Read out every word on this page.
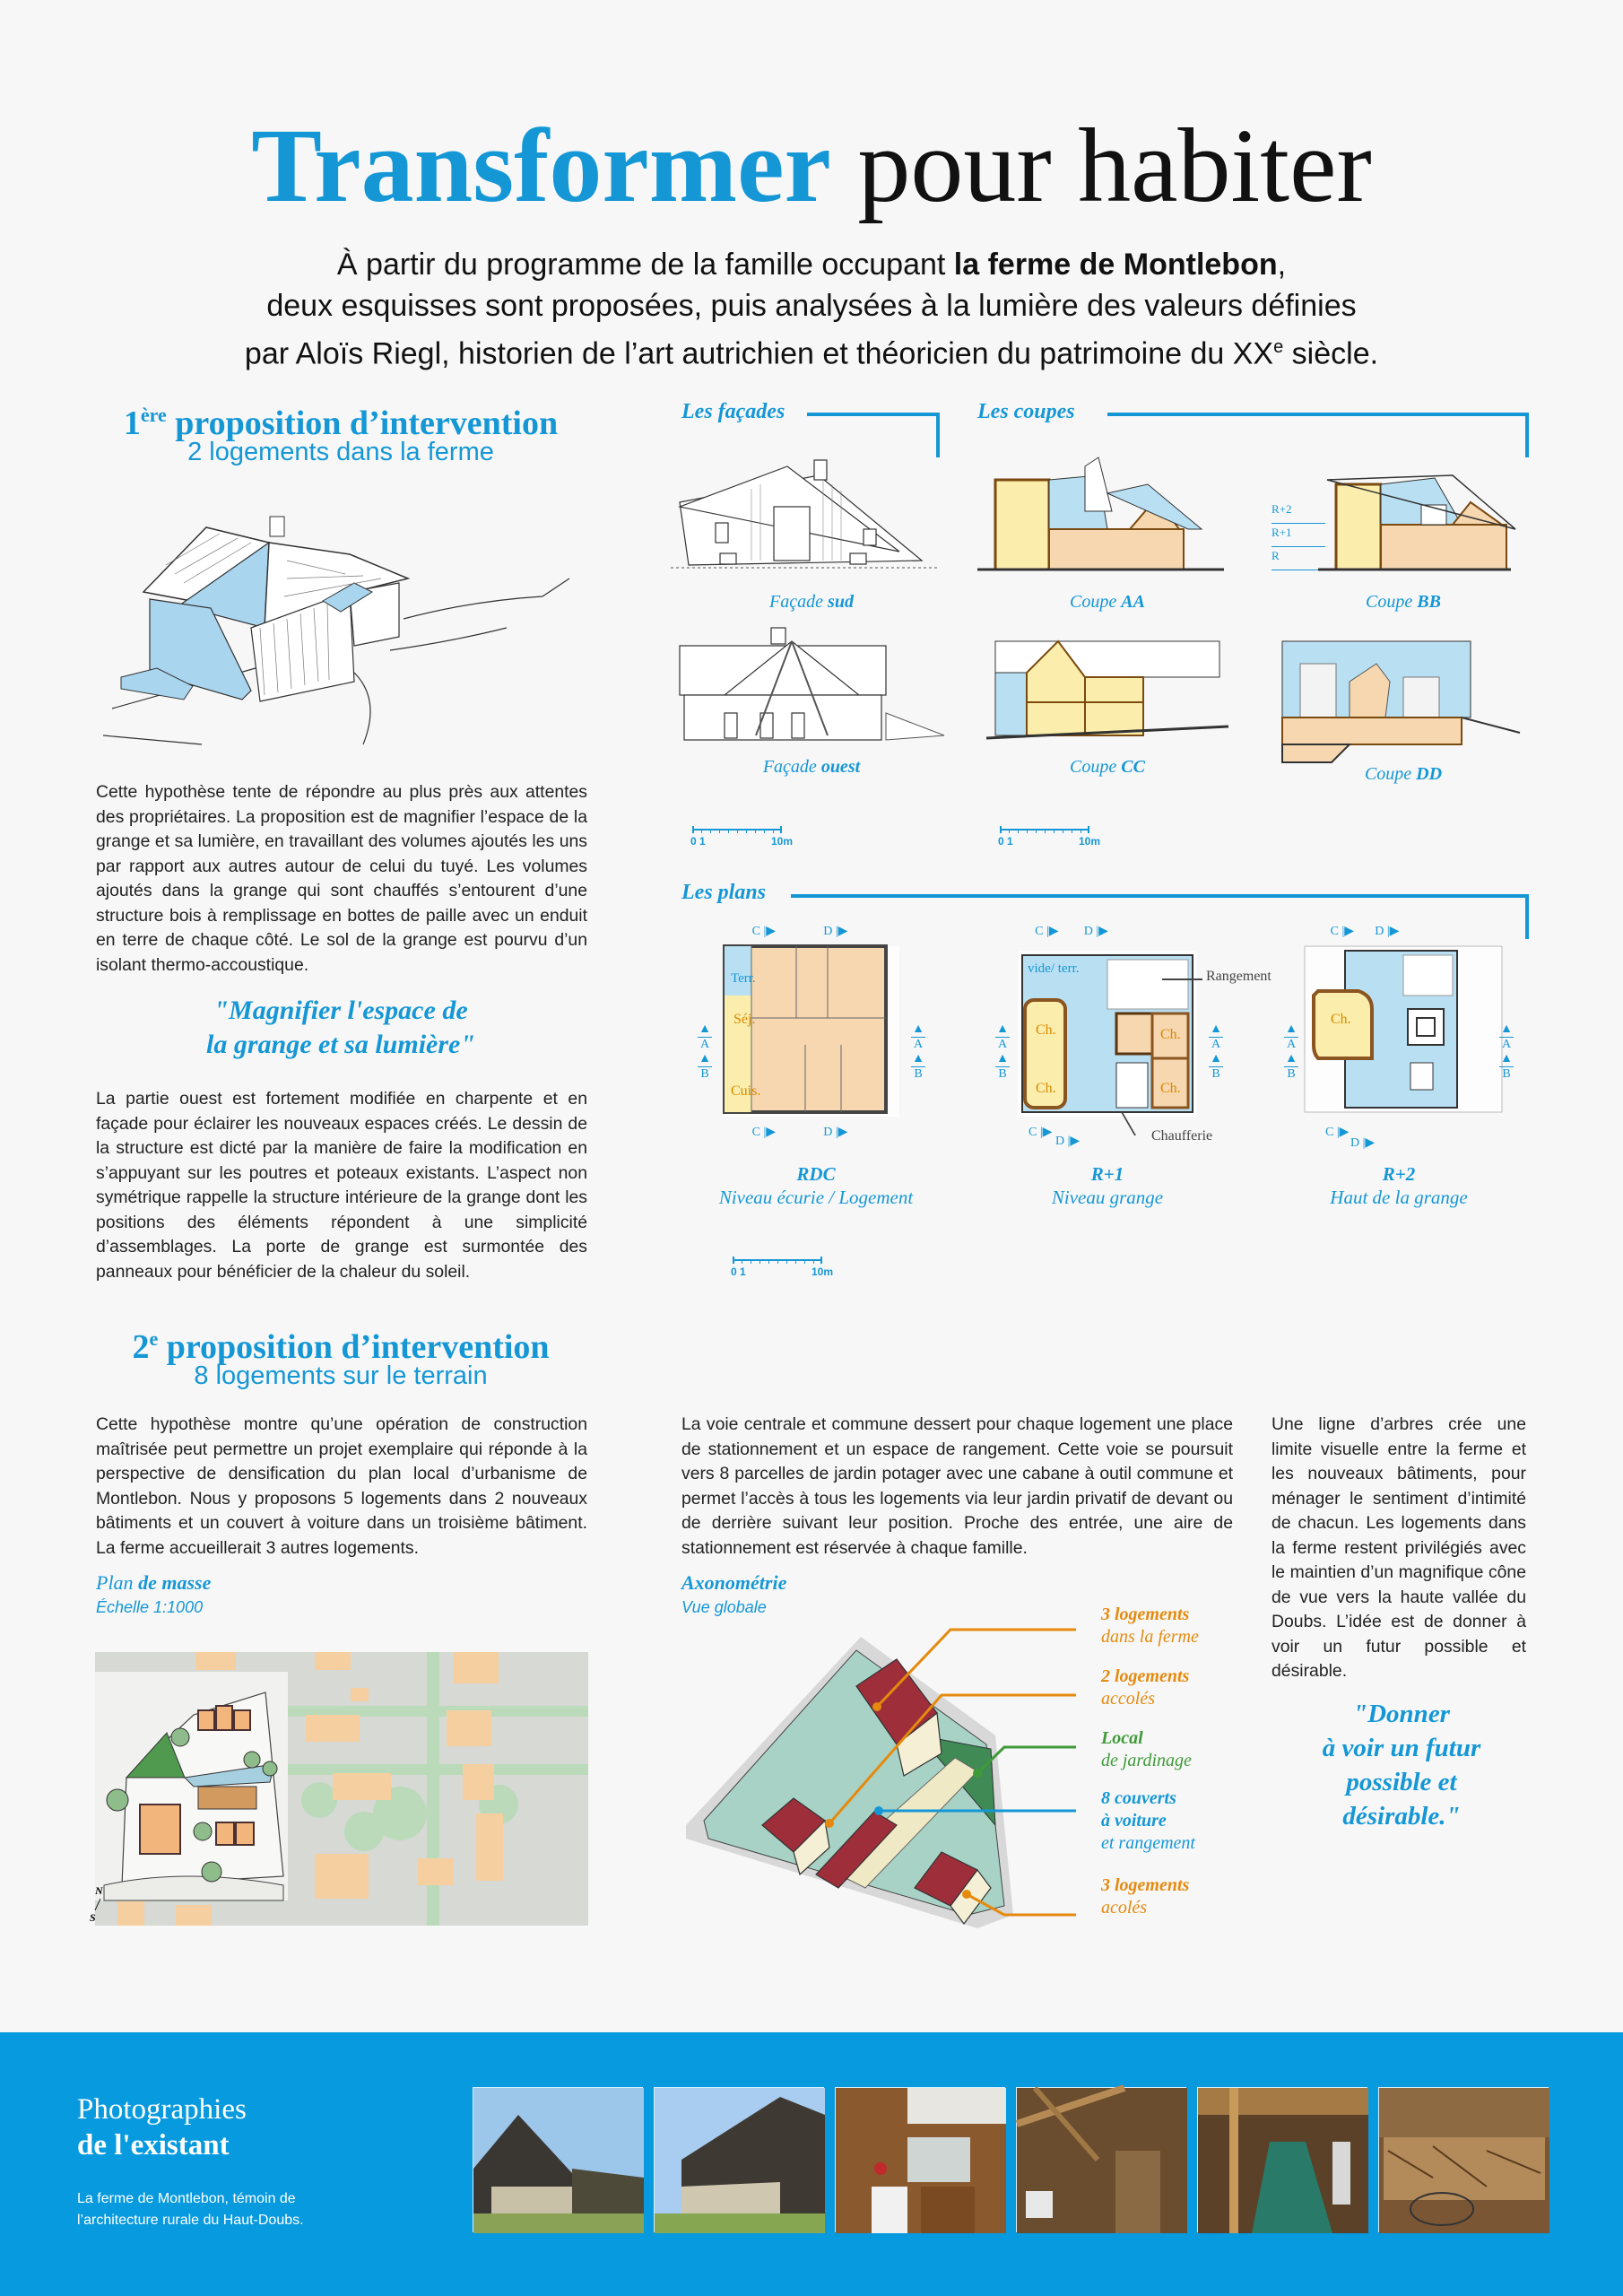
Transformer pour habiter
À partir du programme de la famille occupant la ferme de Montlebon,
deux esquisses sont proposées, puis analysées à la lumière des valeurs définies
par Aloïs Riegl, historien de l’art autrichien et théoricien du patrimoine du XXe siècle.
1ère proposition d’intervention
2 logements dans la ferme
Cette hypothèse tente de répondre au plus près aux attentes des propriétaires. La proposition est de magnifier l’espace de la grange et sa lumière, en travaillant des volumes ajoutés les uns par rapport aux autres autour de celui du tuyé. Les volumes ajoutés dans la grange qui sont chauffés s’entourent d’une structure bois à remplissage en bottes de paille avec un enduit en terre de chaque côté. Le sol de la grange est pourvu d’un isolant thermo-accoustique.
"Magnifier l'espace de
la grange et sa lumière"
La partie ouest est fortement modifiée en charpente et en façade pour éclairer les nouveaux espaces créés. Le dessin de la structure est dicté par la manière de faire la modification en s’appuyant sur les poutres et poteaux existants. L’aspect non symétrique rappelle la structure intérieure de la grange dont les positions des éléments répondent à une simplicité d’assemblages. La porte de grange est surmontée des panneaux pour bénéficier de la chaleur du soleil.
Les façades	Les coupes
Façade sud	Coupe AA
R+2
R+1
R
Coupe BB
Façade ouest	Coupe CC	Coupe DD
0 1	10m	0 1	10m
Les plans
C |▶	D |▶
Terr.
Séj.
Cuis.
▲
A
▲
B
▲
A
▲
B
C |▶	D |▶
RDC
Niveau écurie / Logement
C |▶ D |▶
vide/ terr.
Ch.
Ch.
Ch.
Ch.
Rangement
Chaufferie
▲
A
▲
B
▲
A
▲
B
C |▶
D |▶
R+1
Niveau grange
C |▶ D |▶
Ch.
▲
A
▲
B
▲
A
▲
B
C |▶
D |▶
R+2
Haut de la grange
0 1	10m
2e proposition d’intervention
8 logements sur le terrain
Cette hypothèse montre qu’une opération de construction maîtrisée peut permettre un projet exemplaire qui réponde à la perspective de densification du plan local d’urbanisme de Montlebon. Nous y proposons 5 logements dans 2 nouveaux bâtiments et un couvert à voiture dans un troisième bâtiment. La ferme accueillerait 3 autres logements.
Plan de masse
Échelle 1:1000
N
S
La voie centrale et commune dessert pour chaque logement une place de stationnement et un espace de rangement. Cette voie se poursuit vers 8 parcelles de jardin potager avec une cabane à outil commune et permet l’accès à tous les logements via leur jardin privatif de devant ou de derrière suivant leur position. Proche des entrée, une aire de stationnement est réservée à chaque famille.
Axonométrie
Vue globale	3 logements
dans la ferme
2 logements
accolés
Local
de jardinage
8 couverts
à voiture
et rangement
3 logements
acolés
Une ligne d’arbres crée une limite visuelle entre la ferme et les nouveaux bâtiments, pour ménager le sentiment d’intimité de chacun. Les logements dans la ferme restent privilégiés avec le maintien d’un magnifique cône de vue vers la haute vallée du Doubs. L’idée est de donner à voir un futur possible et désirable.
"Donner
à voir un futur
possible et
désirable."
Photographies
de l'existant
La ferme de Montlebon, témoin de
l’architecture rurale du Haut-Doubs.
